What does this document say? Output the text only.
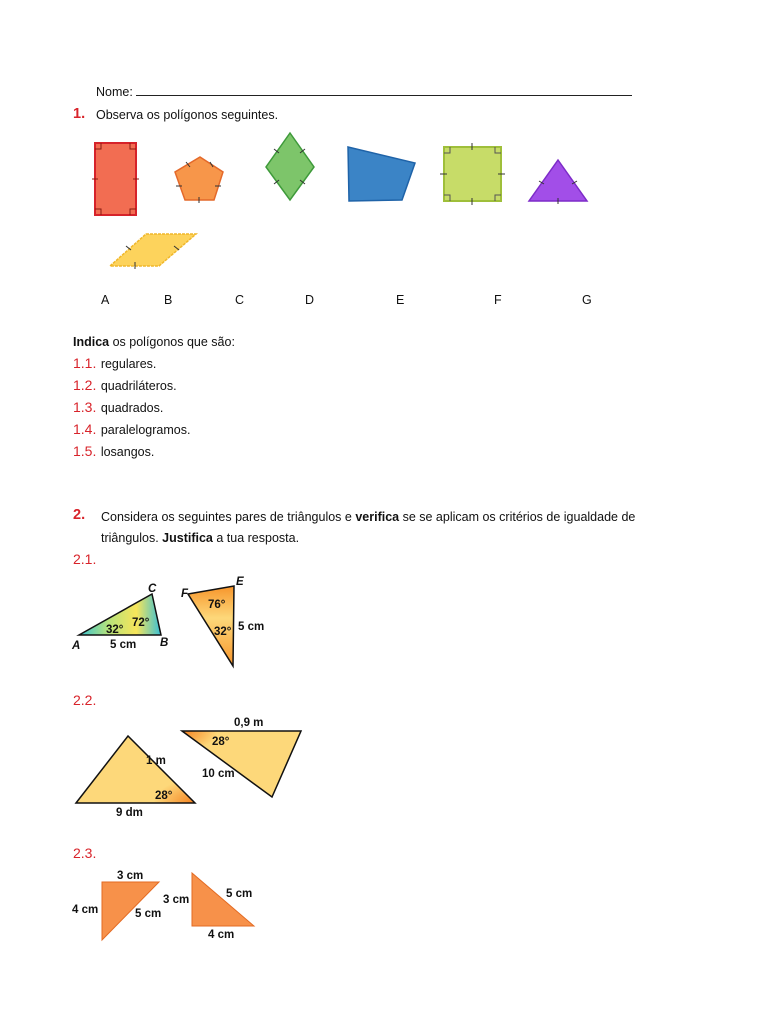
Nome:
1. Observa os polígonos seguintes.
A	B	C	D	E	F	G
Indica os polígonos que são:
1.1. regulares.
1.2. quadriláteros.
1.3. quadrados.
1.4. paralelogramos.
1.5. losangos.
2. Considera os seguintes pares de triângulos e verifica se se aplicam os critérios de igualdade de
triângulos. Justifica a tua resposta.
2.1.
C
A	B
32°
72°
5 cm
E
F
76°
32° 5 cm
2.2.
1 m
28°
9 dm
0,9 m
28°
10 cm
2.3.
3 cm
4 cm	5 cm
3 cm	5 cm
4 cm
